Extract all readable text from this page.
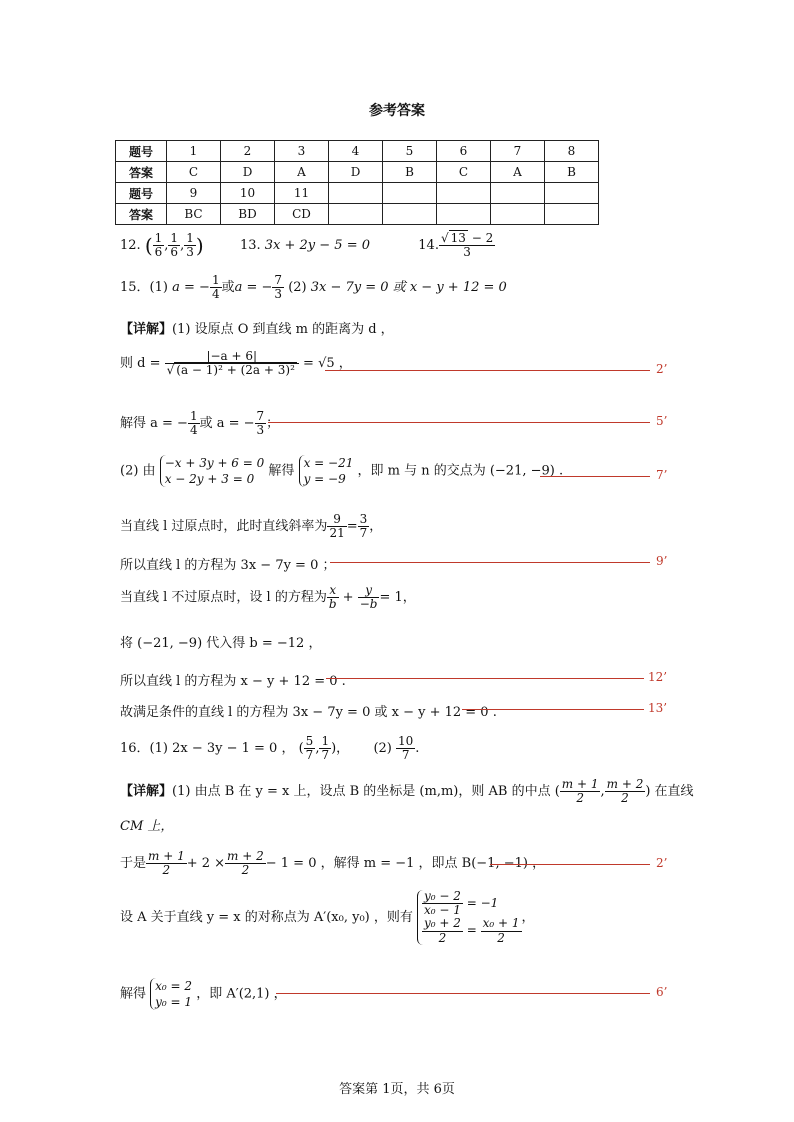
参考答案
题号	1	2	3	4	5	6	7	8
答案	C	D	A	D	B	C	A	B
题号	9	10	11					
答案	BC	BD	CD					
12. ( $\frac{1}{6}$ , $\frac{1}{6}$ , $\frac{1}{3}$ )	13. 3x + 2y − 5 = 0	14. $\frac{√ 13 - 2}{3}$
15．(1) a = − $\frac{1}{4}$ 或a = − $\frac{7}{3} (2) 3x - 7y = 0$ 或 x − y + 12 = 0
【详解】(1) 设原点 O 到直线 m 的距离为 d ，
则 $d = \frac{|-a + 6|}{\text{√ (a − 1)² + (2a + 3)²}} = √5$ ，	2’
解得 a = − $\frac{1}{4}$ 或 a = − $\frac{7}{3}$ ；	5’
(2) 由 −x + 3y + 6 = 0
x − 2y + 3 = 0 解得 x = −21
y = −9 ，即 m 与 n 的交点为 (−21, −9) .	7’
当直线 l 过原点时，此时直线斜率为 $\frac{9}{21} = \frac{3}{7}$ ，
所以直线 l 的方程为 3x − 7y = 0 ；	9’
当直线 l 不过原点时，设 l 的方程为 $\frac{x}{b} + \frac{y}{-b} = 1$，
将 (−21, −9) 代入得 b = −12 ，
所以直线 l 的方程为 x − y + 12 = 0 .	12’
故满足条件的直线 l 的方程为 3x − 7y = 0 或 x − y + 12 = 0 .	13’
16．(1) 2x − 3y − 1 = 0 ， ( $\frac{5}{7}$ , $\frac{1}{7}$ )，  $(2) \frac{10}{7}$ .
【详解】(1) 由点 B 在 y = x 上，设点 B 的坐标是 (m,m)，则 AB 的中点 ( $\frac{m + 1}{2}$ , $\frac{m + 2}{2}$ ) 在直线
CM 上，
于是 $\frac{m + 1}{2} + 2 \times \frac{m + 2}{2} - 1 = 0$ ，解得 m = −1 ，即点 B(−1, −1) ，	2’
设 A 关于直线 y = x 的对称点为 A′(x₀, y₀) ，则有 $\frac{\text{y₀ − 2}}{\text{x₀ − 1}} = -1$

$\frac{\text{y₀ + 2}}{2} = \frac{\text{x₀ + 1}}{2}$ ，
解得 x₀ = 2
y₀ = 1 ，即 A′(2,1) ，	6’
答案第 1页，共 6页
